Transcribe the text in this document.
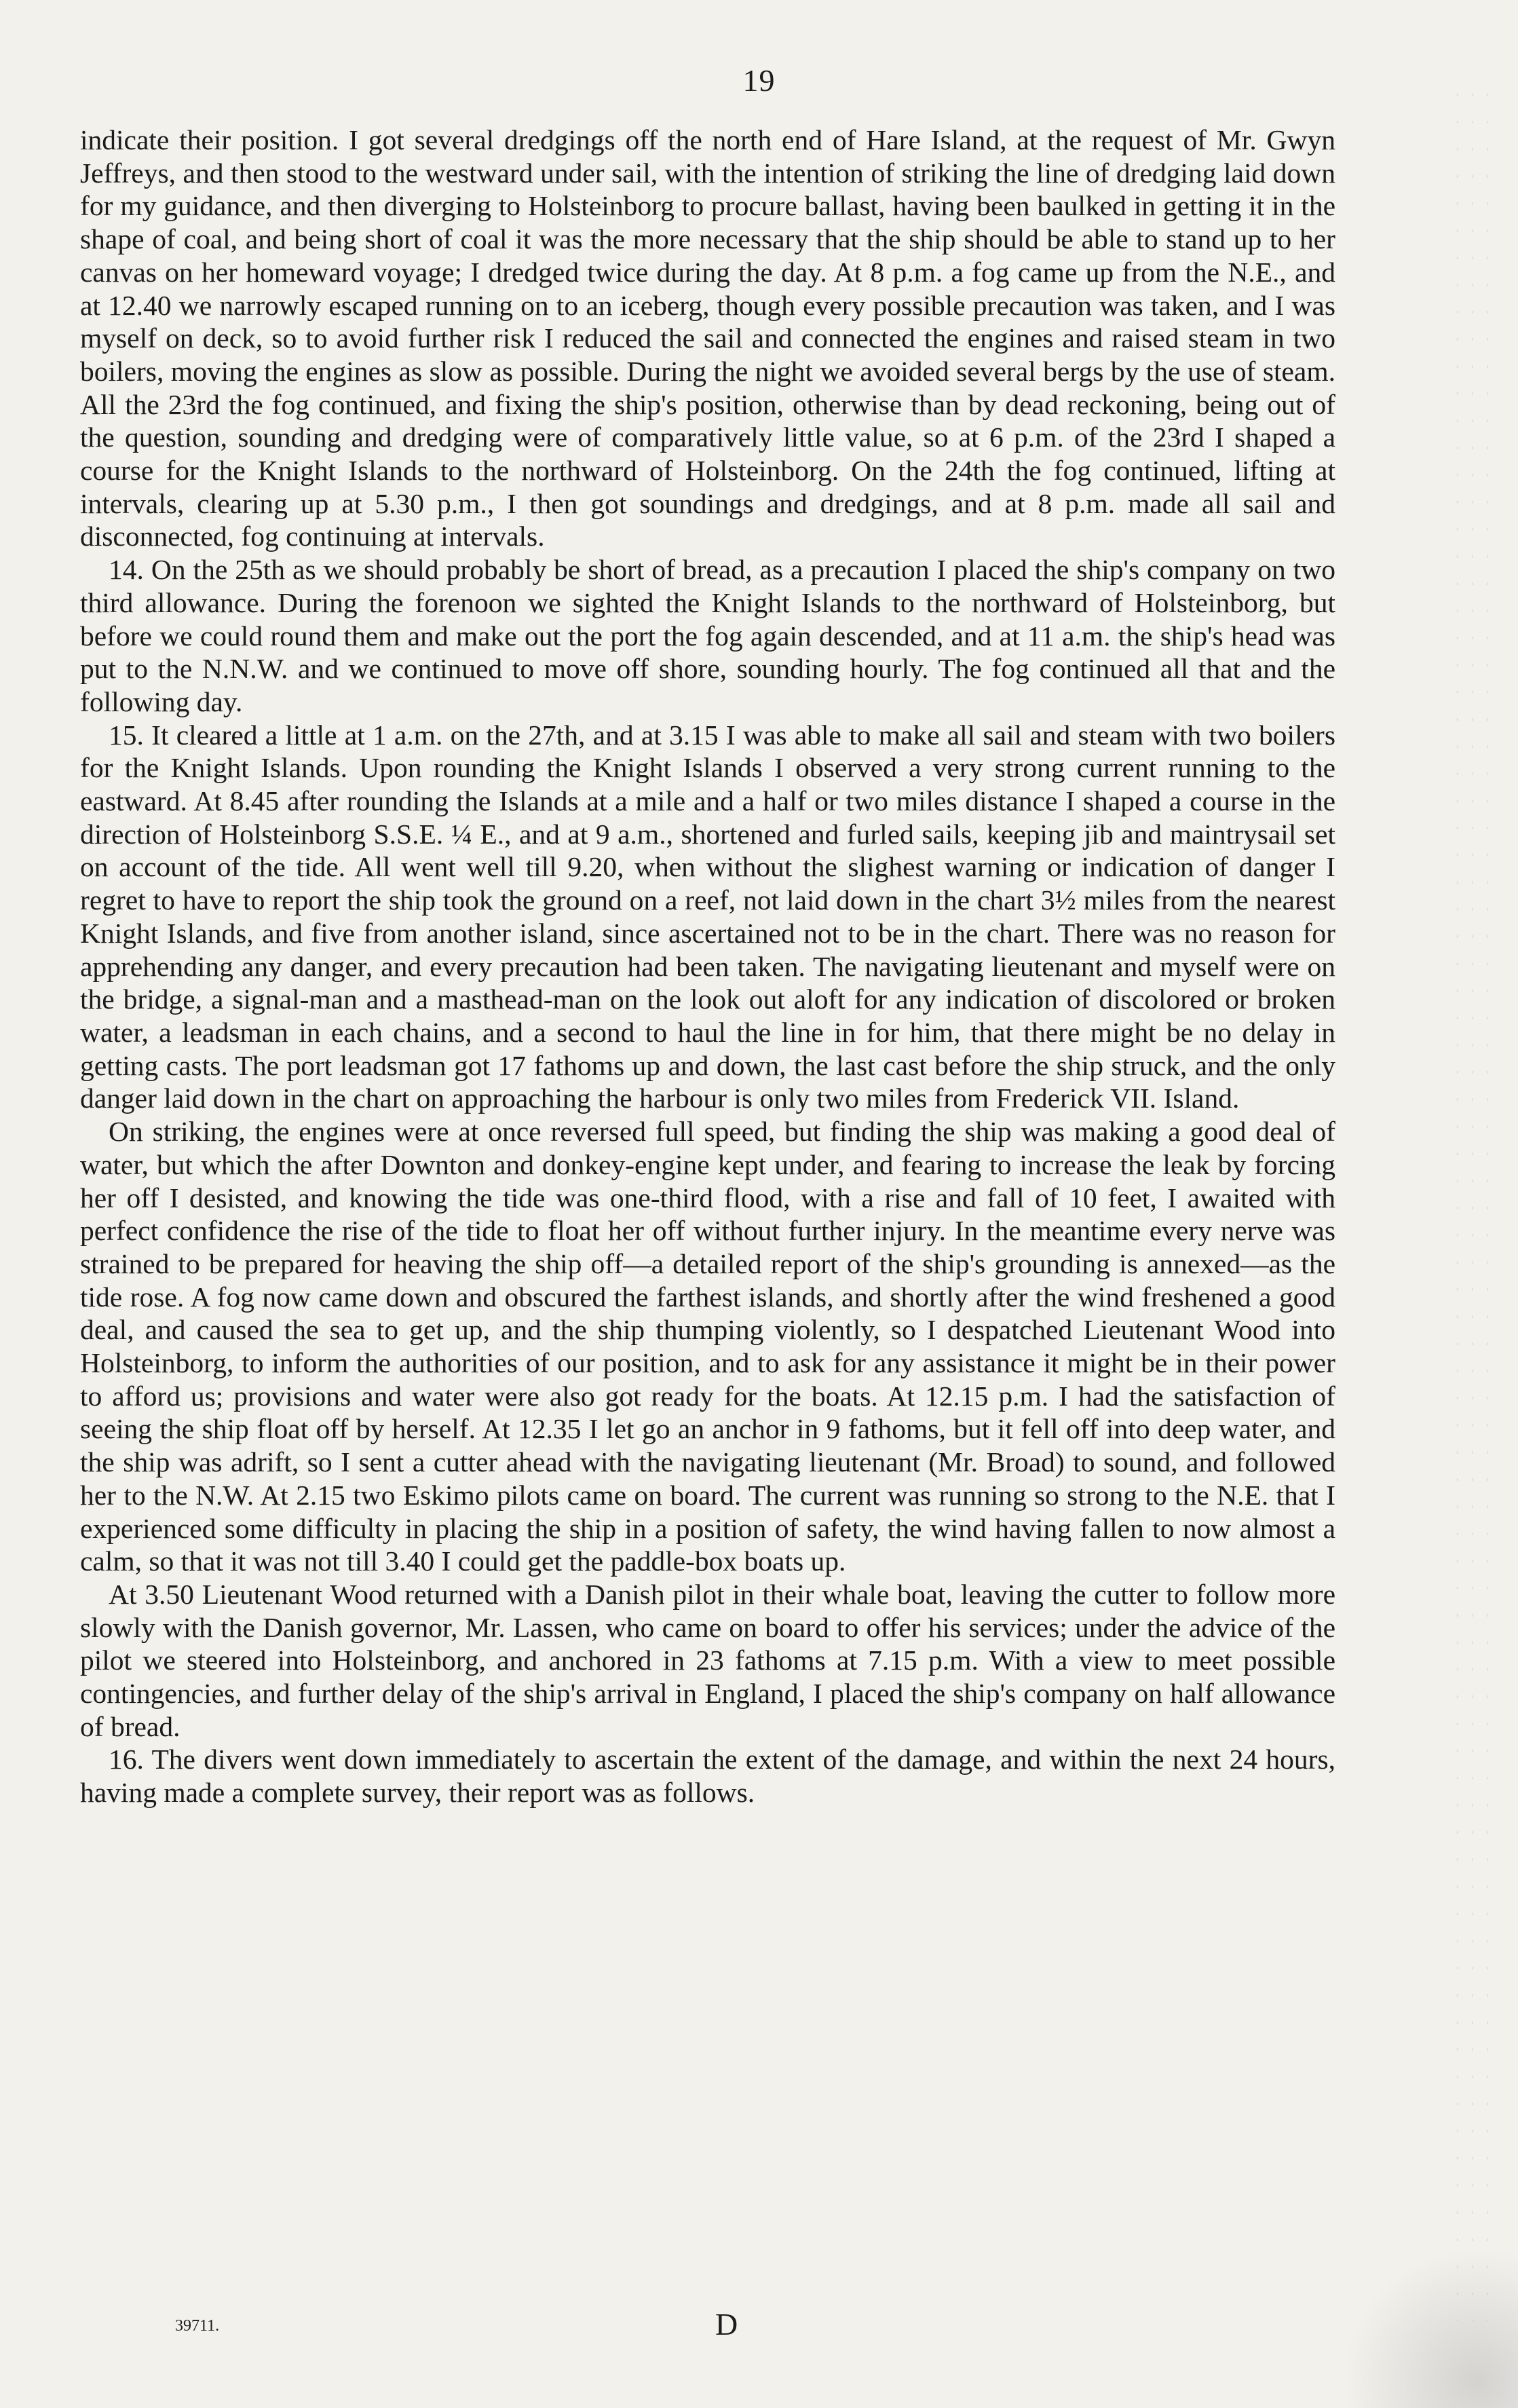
19

indicate their position. I got several dredgings off the north end of Hare Island, at the request of Mr. Gwyn Jeffreys, and then stood to the westward under sail, with the intention of striking the line of dredging laid down for my guidance, and then diverging to Holsteinborg to procure ballast, having been baulked in getting it in the shape of coal, and being short of coal it was the more necessary that the ship should be able to stand up to her canvas on her homeward voyage; I dredged twice during the day. At 8 p.m. a fog came up from the N.E., and at 12.40 we narrowly escaped running on to an iceberg, though every possible precaution was taken, and I was myself on deck, so to avoid further risk I reduced the sail and connected the engines and raised steam in two boilers, moving the engines as slow as possible. During the night we avoided several bergs by the use of steam. All the 23rd the fog continued, and fixing the ship's position, otherwise than by dead reckoning, being out of the question, sounding and dredging were of comparatively little value, so at 6 p.m. of the 23rd I shaped a course for the Knight Islands to the northward of Holsteinborg. On the 24th the fog continued, lifting at intervals, clearing up at 5.30 p.m., I then got soundings and dredgings, and at 8 p.m. made all sail and disconnected, fog continuing at intervals.

14. On the 25th as we should probably be short of bread, as a precaution I placed the ship's company on two third allowance. During the forenoon we sighted the Knight Islands to the northward of Holsteinborg, but before we could round them and make out the port the fog again descended, and at 11 a.m. the ship's head was put to the N.N.W. and we continued to move off shore, sounding hourly. The fog continued all that and the following day.

15. It cleared a little at 1 a.m. on the 27th, and at 3.15 I was able to make all sail and steam with two boilers for the Knight Islands. Upon rounding the Knight Islands I observed a very strong current running to the eastward. At 8.45 after rounding the Islands at a mile and a half or two miles distance I shaped a course in the direction of Holsteinborg S.S.E. ¼ E., and at 9 a.m., shortened and furled sails, keeping jib and maintrysail set on account of the tide. All went well till 9.20, when without the slighest warning or indication of danger I regret to have to report the ship took the ground on a reef, not laid down in the chart 3½ miles from the nearest Knight Islands, and five from another island, since ascertained not to be in the chart. There was no reason for apprehending any danger, and every precaution had been taken. The navigating lieutenant and myself were on the bridge, a signal-man and a masthead-man on the look out aloft for any indication of discolored or broken water, a leadsman in each chains, and a second to haul the line in for him, that there might be no delay in getting casts. The port leadsman got 17 fathoms up and down, the last cast before the ship struck, and the only danger laid down in the chart on approaching the harbour is only two miles from Frederick VII. Island.

On striking, the engines were at once reversed full speed, but finding the ship was making a good deal of water, but which the after Downton and donkey-engine kept under, and fearing to increase the leak by forcing her off I desisted, and knowing the tide was one-third flood, with a rise and fall of 10 feet, I awaited with perfect confidence the rise of the tide to float her off without further injury. In the meantime every nerve was strained to be prepared for heaving the ship off—a detailed report of the ship's grounding is annexed—as the tide rose. A fog now came down and obscured the farthest islands, and shortly after the wind freshened a good deal, and caused the sea to get up, and the ship thumping violently, so I despatched Lieutenant Wood into Holsteinborg, to inform the authorities of our position, and to ask for any assistance it might be in their power to afford us; provisions and water were also got ready for the boats. At 12.15 p.m. I had the satisfaction of seeing the ship float off by herself. At 12.35 I let go an anchor in 9 fathoms, but it fell off into deep water, and the ship was adrift, so I sent a cutter ahead with the navigating lieutenant (Mr. Broad) to sound, and followed her to the N.W. At 2.15 two Eskimo pilots came on board. The current was running so strong to the N.E. that I experienced some difficulty in placing the ship in a position of safety, the wind having fallen to now almost a calm, so that it was not till 3.40 I could get the paddle-box boats up.

At 3.50 Lieutenant Wood returned with a Danish pilot in their whale boat, leaving the cutter to follow more slowly with the Danish governor, Mr. Lassen, who came on board to offer his services; under the advice of the pilot we steered into Holsteinborg, and anchored in 23 fathoms at 7.15 p.m. With a view to meet possible contingencies, and further delay of the ship's arrival in England, I placed the ship's company on half allowance of bread.

16. The divers went down immediately to ascertain the extent of the damage, and within the next 24 hours, having made a complete survey, their report was as follows.

39711.	D
